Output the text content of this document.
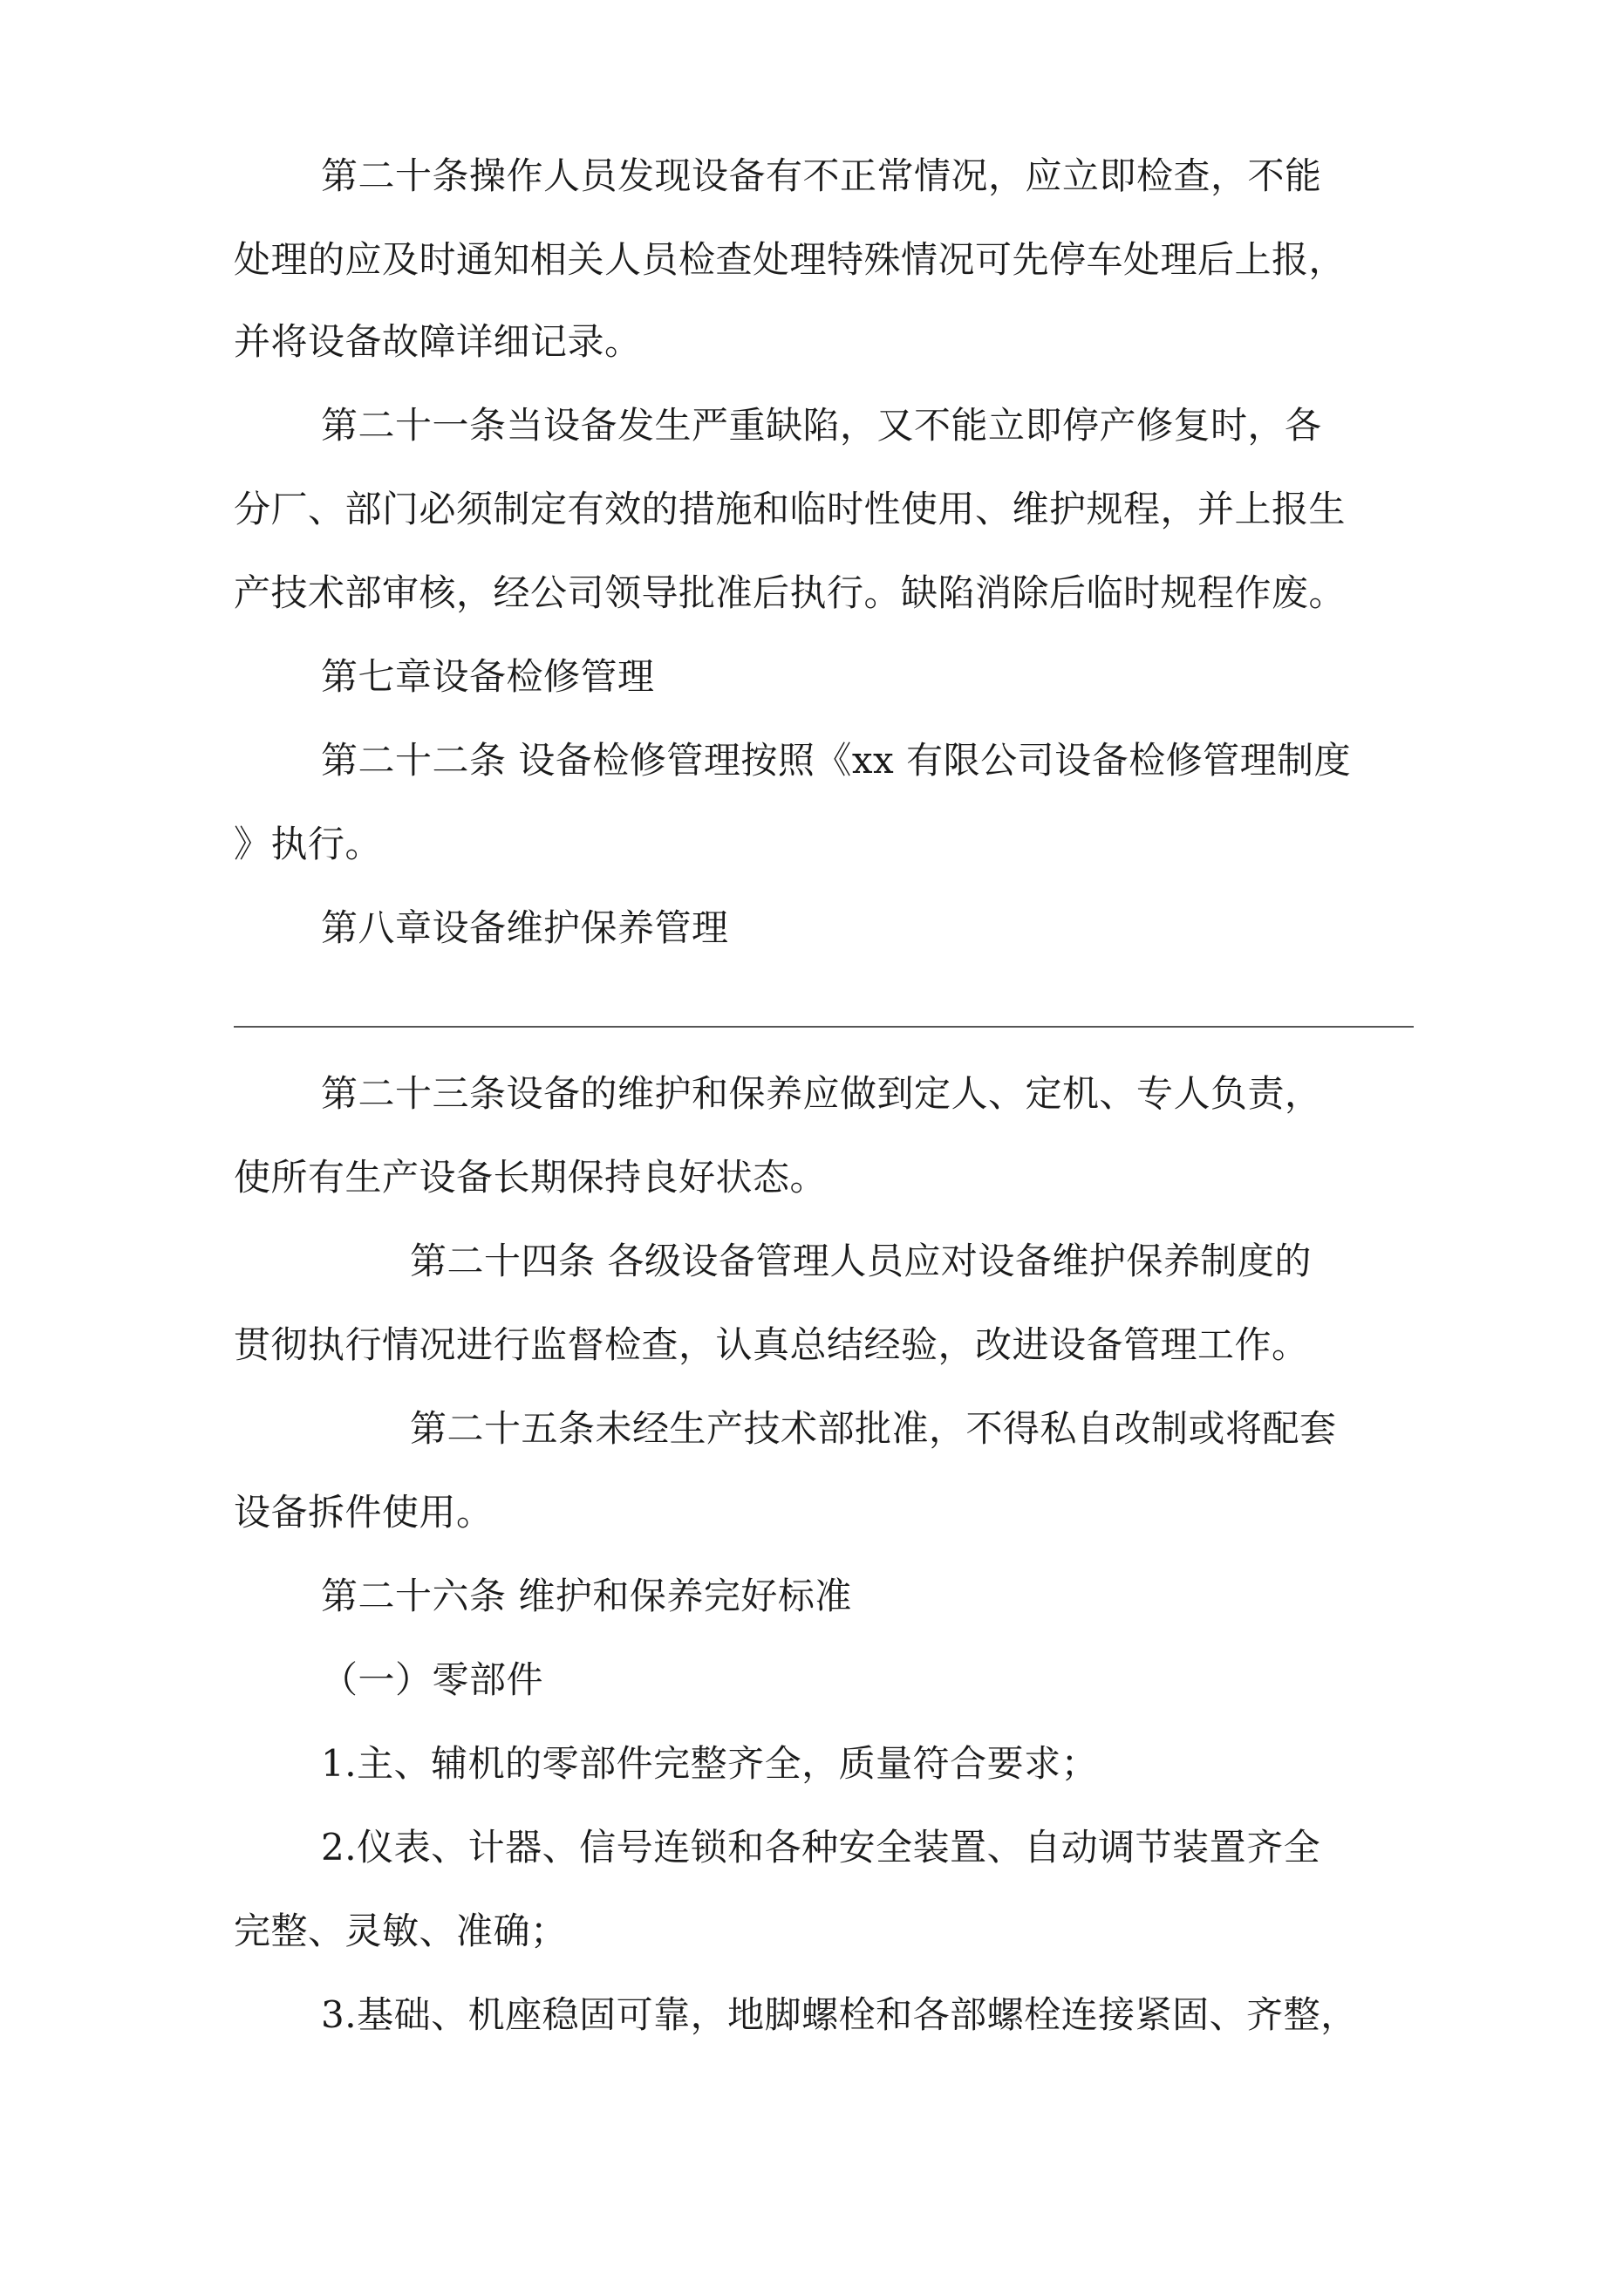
第二十条操作人员发现设备有不正常情况，应立即检查，不能
处理的应及时通知相关人员检查处理特殊情况可先停车处理后上报，
并将设备故障详细记录。
第二十一条当设备发生严重缺陷，又不能立即停产修复时，各
分厂、部门必须制定有效的措施和临时性使用、维护规程，并上报生
产技术部审核，经公司领导批准后执行。缺陷消除后临时规程作废。
第七章设备检修管理
第二十二条 设备检修管理按照《xx 有限公司设备检修管理制度
》执行。
第八章设备维护保养管理
第二十三条设备的维护和保养应做到定人、定机、专人负责，
使所有生产设备长期保持良好状态。
第二十四条 各级设备管理人员应对设备维护保养制度的
贯彻执行情况进行监督检查，认真总结经验，改进设备管理工作。
第二十五条未经生产技术部批准，不得私自改制或将配套
设备拆件使用。
第二十六条 维护和保养完好标准
（一）零部件
1.主、辅机的零部件完整齐全，质量符合要求；
2.仪表、计器、信号连锁和各种安全装置、自动调节装置齐全
完整、灵敏、准确；
3.基础、机座稳固可靠，地脚螺栓和各部螺栓连接紧固、齐整，
